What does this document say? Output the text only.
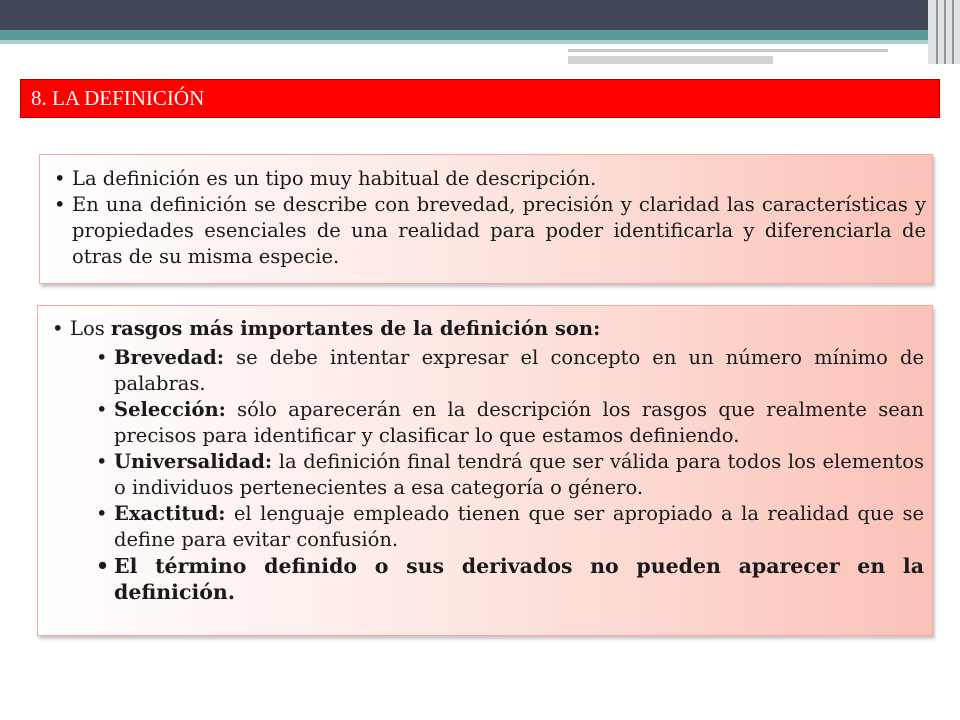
8. LA DEFINICIÓN
• La definición es un tipo muy habitual de descripción.
• En una definición se describe con brevedad, precisión y claridad las características y propiedades esenciales de una realidad para poder identificarla y diferenciarla de otras de su misma especie.
• Los rasgos más importantes de la definición son:
• Brevedad: se debe intentar expresar el concepto en un número mínimo de palabras.
• Selección: sólo aparecerán en la descripción los rasgos que realmente sean precisos para identificar y clasificar lo que estamos definiendo.
• Universalidad: la definición final tendrá que ser válida para todos los elementos o individuos pertenecientes a esa categoría o género.
• Exactitud: el lenguaje empleado tienen que ser apropiado a la realidad que se define para evitar confusión.
• El término definido o sus derivados no pueden aparecer en la definición.
